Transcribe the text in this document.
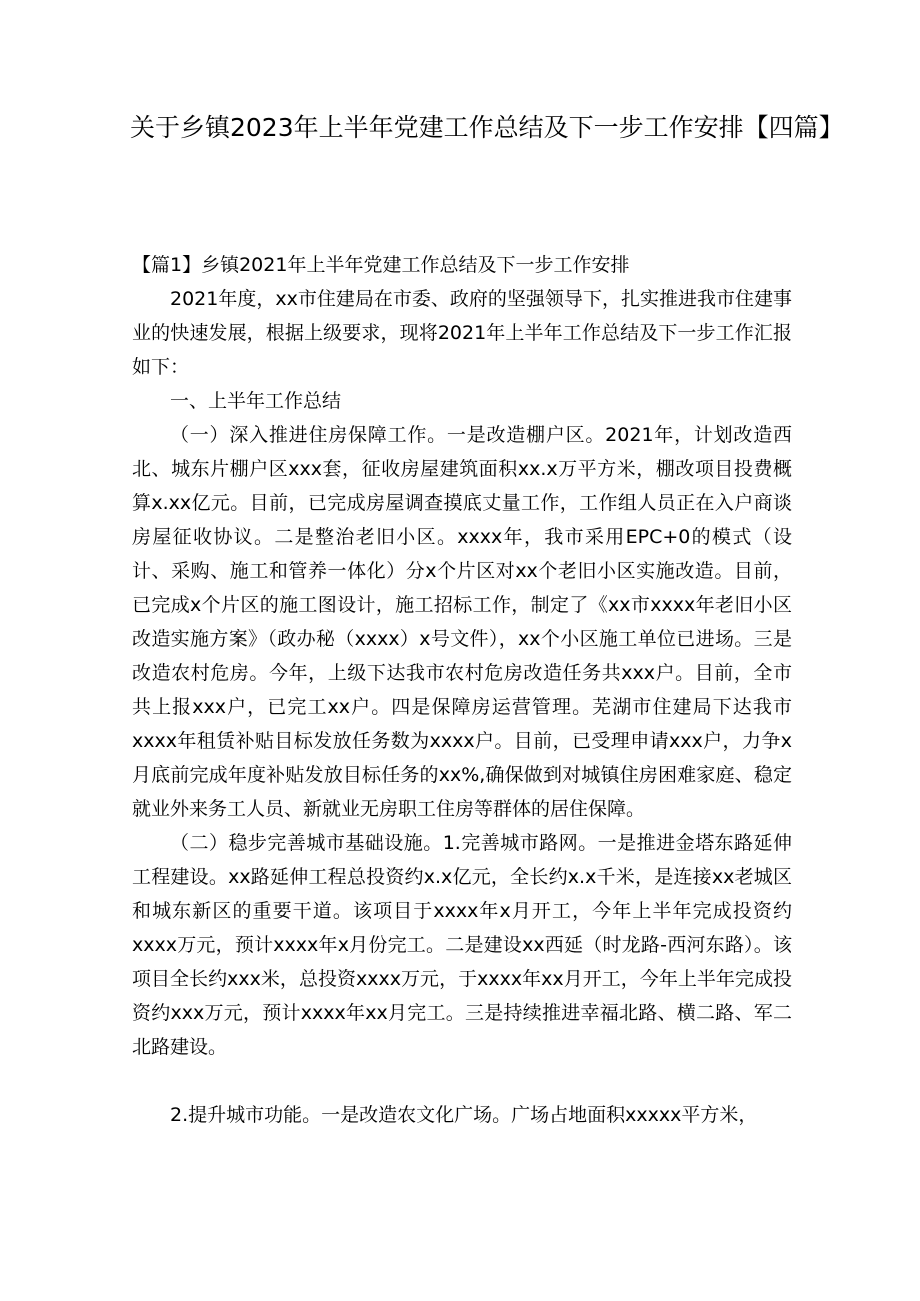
关于乡镇2023年上半年党建工作总结及下一步工作安排【四篇】

【篇1】乡镇2021年上半年党建工作总结及下一步工作安排

2021年度，xx市住建局在市委、政府的坚强领导下，扎实推进我市住建事业的快速发展，根据上级要求，现将2021年上半年工作总结及下一步工作汇报如下：

一、上半年工作总结

（一）深入推进住房保障工作。一是改造棚户区。2021年，计划改造西北、城东片棚户区xxx套，征收房屋建筑面积xx.x万平方米，棚改项目投费概算x.xx亿元。目前，已完成房屋调查摸底丈量工作，工作组人员正在入户商谈房屋征收协议。二是整治老旧小区。xxxx年，我市采用EPC+0的模式（设计、采购、施工和管养一体化）分x个片区对xx个老旧小区实施改造。目前，已完成x个片区的施工图设计，施工招标工作，制定了《xx市xxxx年老旧小区改造实施方案》（政办秘（xxxx）x号文件），xx个小区施工单位已进场。三是改造农村危房。今年，上级下达我市农村危房改造任务共xxx户。目前，全市共上报xxx户，已完工xx户。四是保障房运营管理。芜湖市住建局下达我市xxxx年租赁补贴目标发放任务数为xxxx户。目前，已受理申请xxx户，力争x月底前完成年度补贴发放目标任务的xx%,确保做到对城镇住房困难家庭、稳定就业外来务工人员、新就业无房职工住房等群体的居住保障。

（二）稳步完善城市基础设施。1.完善城市路网。一是推进金塔东路延伸工程建设。xx路延伸工程总投资约x.x亿元，全长约x.x千米，是连接xx老城区和城东新区的重要干道。该项目于xxxx年x月开工，今年上半年完成投资约xxxx万元，预计xxxx年x月份完工。二是建设xx西延（时龙路-西河东路）。该项目全长约xxx米，总投资xxxx万元，于xxxx年xx月开工，今年上半年完成投资约xxx万元，预计xxxx年xx月完工。三是持续推进幸福北路、横二路、军二北路建设。

2.提升城市功能。一是改造农文化广场。广场占地面积xxxxx平方米，
